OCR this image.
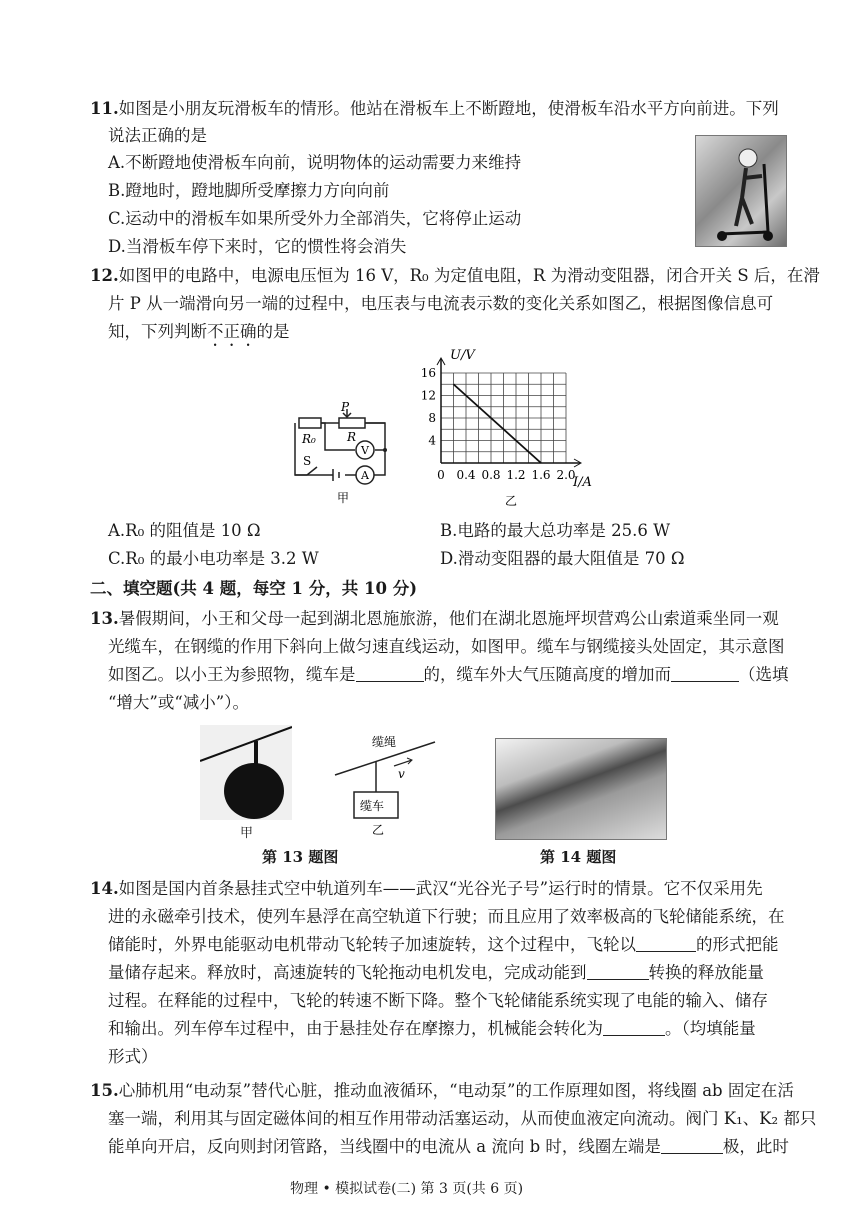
11.如图是小朋友玩滑板车的情形。他站在滑板车上不断蹬地，使滑板车沿水平方向前进。下列
说法正确的是
A.不断蹬地使滑板车向前，说明物体的运动需要力来维持
B.蹬地时，蹬地脚所受摩擦力方向向前
C.运动中的滑板车如果所受外力全部消失，它将停止运动
D.当滑板车停下来时，它的惯性将会消失
12.如图甲的电路中，电源电压恒为 16 V，R₀ 为定值电阻，R 为滑动变阻器，闭合开关 S 后，在滑
片 P 从一端滑向另一端的过程中，电压表与电流表示数的变化关系如图乙，根据图像信息可
知，下列判断不正确的是
R₀	R
P
S
V
A
甲
0 0.4 0.8 1.2 1.6 2.0
4
8
12
16
U/V
I/A
乙
A.R₀ 的阻值是 10 Ω	B.电路的最大总功率是 25.6 W
C.R₀ 的最小电功率是 3.2 W	D.滑动变阻器的最大阻值是 70 Ω
二、填空题(共 4 题，每空 1 分，共 10 分)
13.暑假期间，小王和父母一起到湖北恩施旅游，他们在湖北恩施坪坝营鸡公山索道乘坐同一观
光缆车，在钢缆的作用下斜向上做匀速直线运动，如图甲。缆车与钢缆接头处固定，其示意图
如图乙。以小王为参照物，缆车是	的，缆车外大气压随高度的增加而	（选填
“增大”或“减小”）。
甲
缆绳
缆车
v
乙
第 13 题图	第 14 题图
14.如图是国内首条悬挂式空中轨道列车——武汉“光谷光子号”运行时的情景。它不仅采用先
进的永磁牵引技术，使列车悬浮在高空轨道下行驶；而且应用了效率极高的飞轮储能系统，在
储能时，外界电能驱动电机带动飞轮转子加速旋转，这个过程中，飞轮以	的形式把能
量储存起来。释放时，高速旋转的飞轮拖动电机发电，完成动能到	转换的释放能量
过程。在释能的过程中，飞轮的转速不断下降。整个飞轮储能系统实现了电能的输入、储存
和输出。列车停车过程中，由于悬挂处存在摩擦力，机械能会转化为	。（均填能量
形式）
15.心肺机用“电动泵”替代心脏，推动血液循环，“电动泵”的工作原理如图，将线圈 ab 固定在活
塞一端，利用其与固定磁体间的相互作用带动活塞运动，从而使血液定向流动。阀门 K₁、K₂ 都只
能单向开启，反向则封闭管路，当线圈中的电流从 a 流向 b 时，线圈左端是	极，此时
物理 • 模拟试卷(二) 第 3 页(共 6 页)
